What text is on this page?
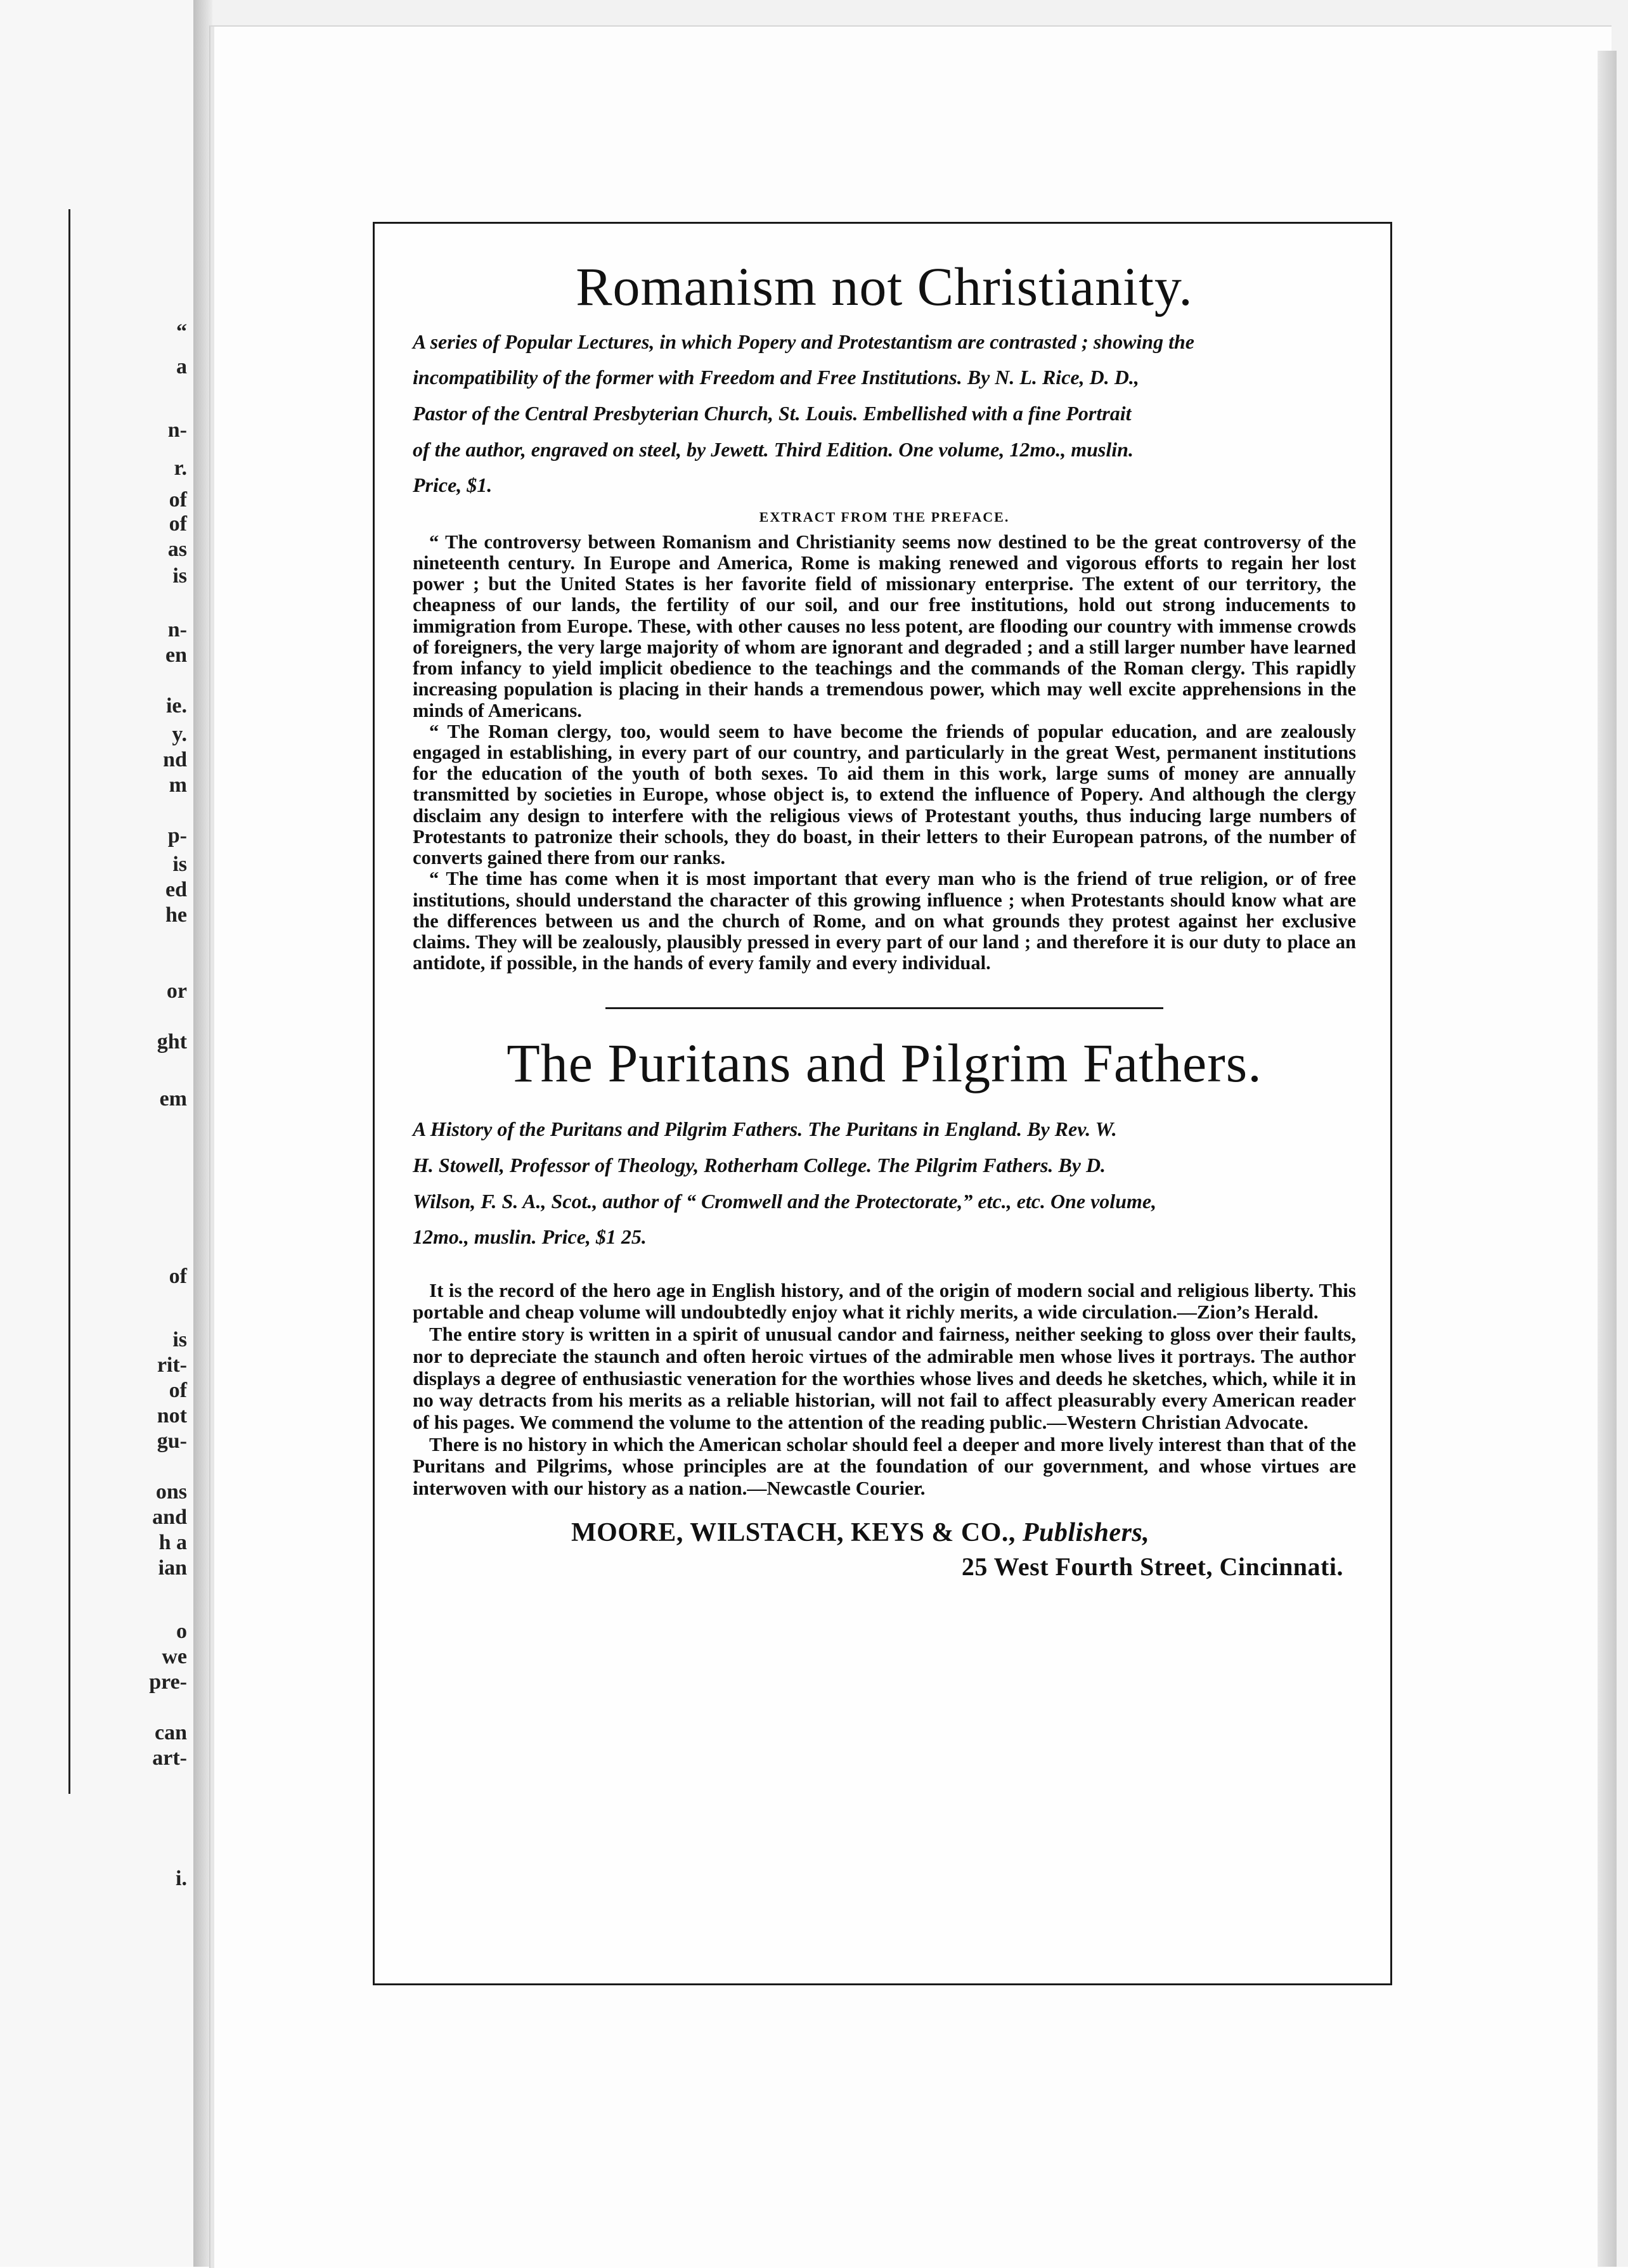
“
a
n-
r.
of
of
as
is
n-
en
ie.
y.
nd
m
p-
is
ed
he
or
ght
em
of
is
rit-
of
not
gu-
ons
and
h a
ian
o
we
pre-
can
art-
i.
Romanism not Christianity.
A series of Popular Lectures, in which Popery and Protestantism are contrasted ; showing the
incompatibility of the former with Freedom and Free Institutions. By N. L. Rice, D. D.,
Pastor of the Central Presbyterian Church, St. Louis. Embellished with a fine Portrait
of the author, engraved on steel, by Jewett. Third Edition. One volume, 12mo., muslin.
Price, $1.
EXTRACT FROM THE PREFACE.

“ The controversy between Romanism and Christianity seems now destined to be the great controversy of the nineteenth century. In Europe and America, Rome is making renewed and vigorous efforts to regain her lost power ; but the United States is her favorite field of missionary enterprise. The extent of our territory, the cheapness of our lands, the fertility of our soil, and our free institutions, hold out strong inducements to immigration from Europe. These, with other causes no less potent, are flooding our country with immense crowds of foreigners, the very large majority of whom are ignorant and degraded ; and a still larger number have learned from infancy to yield implicit obedience to the teachings and the commands of the Roman clergy. This rapidly increasing population is placing in their hands a tremendous power, which may well excite apprehensions in the minds of Americans.

“ The Roman clergy, too, would seem to have become the friends of popular education, and are zealously engaged in establishing, in every part of our country, and particularly in the great West, permanent institutions for the education of the youth of both sexes. To aid them in this work, large sums of money are annually transmitted by societies in Europe, whose object is, to extend the influence of Popery. And although the clergy disclaim any design to interfere with the religious views of Protestant youths, thus inducing large numbers of Protestants to patronize their schools, they do boast, in their letters to their European patrons, of the number of converts gained there from our ranks.

“ The time has come when it is most important that every man who is the friend of true religion, or of free institutions, should understand the character of this growing influence ; when Protestants should know what are the differences between us and the church of Rome, and on what grounds they protest against her exclusive claims. They will be zealously, plausibly pressed in every part of our land ; and therefore it is our duty to place an antidote, if possible, in the hands of every family and every individual.

The Puritans and Pilgrim Fathers.
A History of the Puritans and Pilgrim Fathers. The Puritans in England. By Rev. W.
H. Stowell, Professor of Theology, Rotherham College. The Pilgrim Fathers. By D.
Wilson, F. S. A., Scot., author of “ Cromwell and the Protectorate,” etc., etc. One volume,
12mo., muslin. Price, $1 25.

It is the record of the hero age in English history, and of the origin of modern social and religious liberty. This portable and cheap volume will undoubtedly enjoy what it richly merits, a wide circulation.—Zion’s Herald.

The entire story is written in a spirit of unusual candor and fairness, neither seeking to gloss over their faults, nor to depreciate the staunch and often heroic virtues of the admirable men whose lives it portrays. The author displays a degree of enthusiastic veneration for the worthies whose lives and deeds he sketches, which, while it in no way detracts from his merits as a reliable historian, will not fail to affect pleasurably every American reader of his pages. We commend the volume to the attention of the reading public.—Western Christian Advocate.

There is no history in which the American scholar should feel a deeper and more lively interest than that of the Puritans and Pilgrims, whose principles are at the foundation of our government, and whose virtues are interwoven with our history as a nation.—Newcastle Courier.

MOORE, WILSTACH, KEYS & CO., Publishers,
25 West Fourth Street, Cincinnati.
